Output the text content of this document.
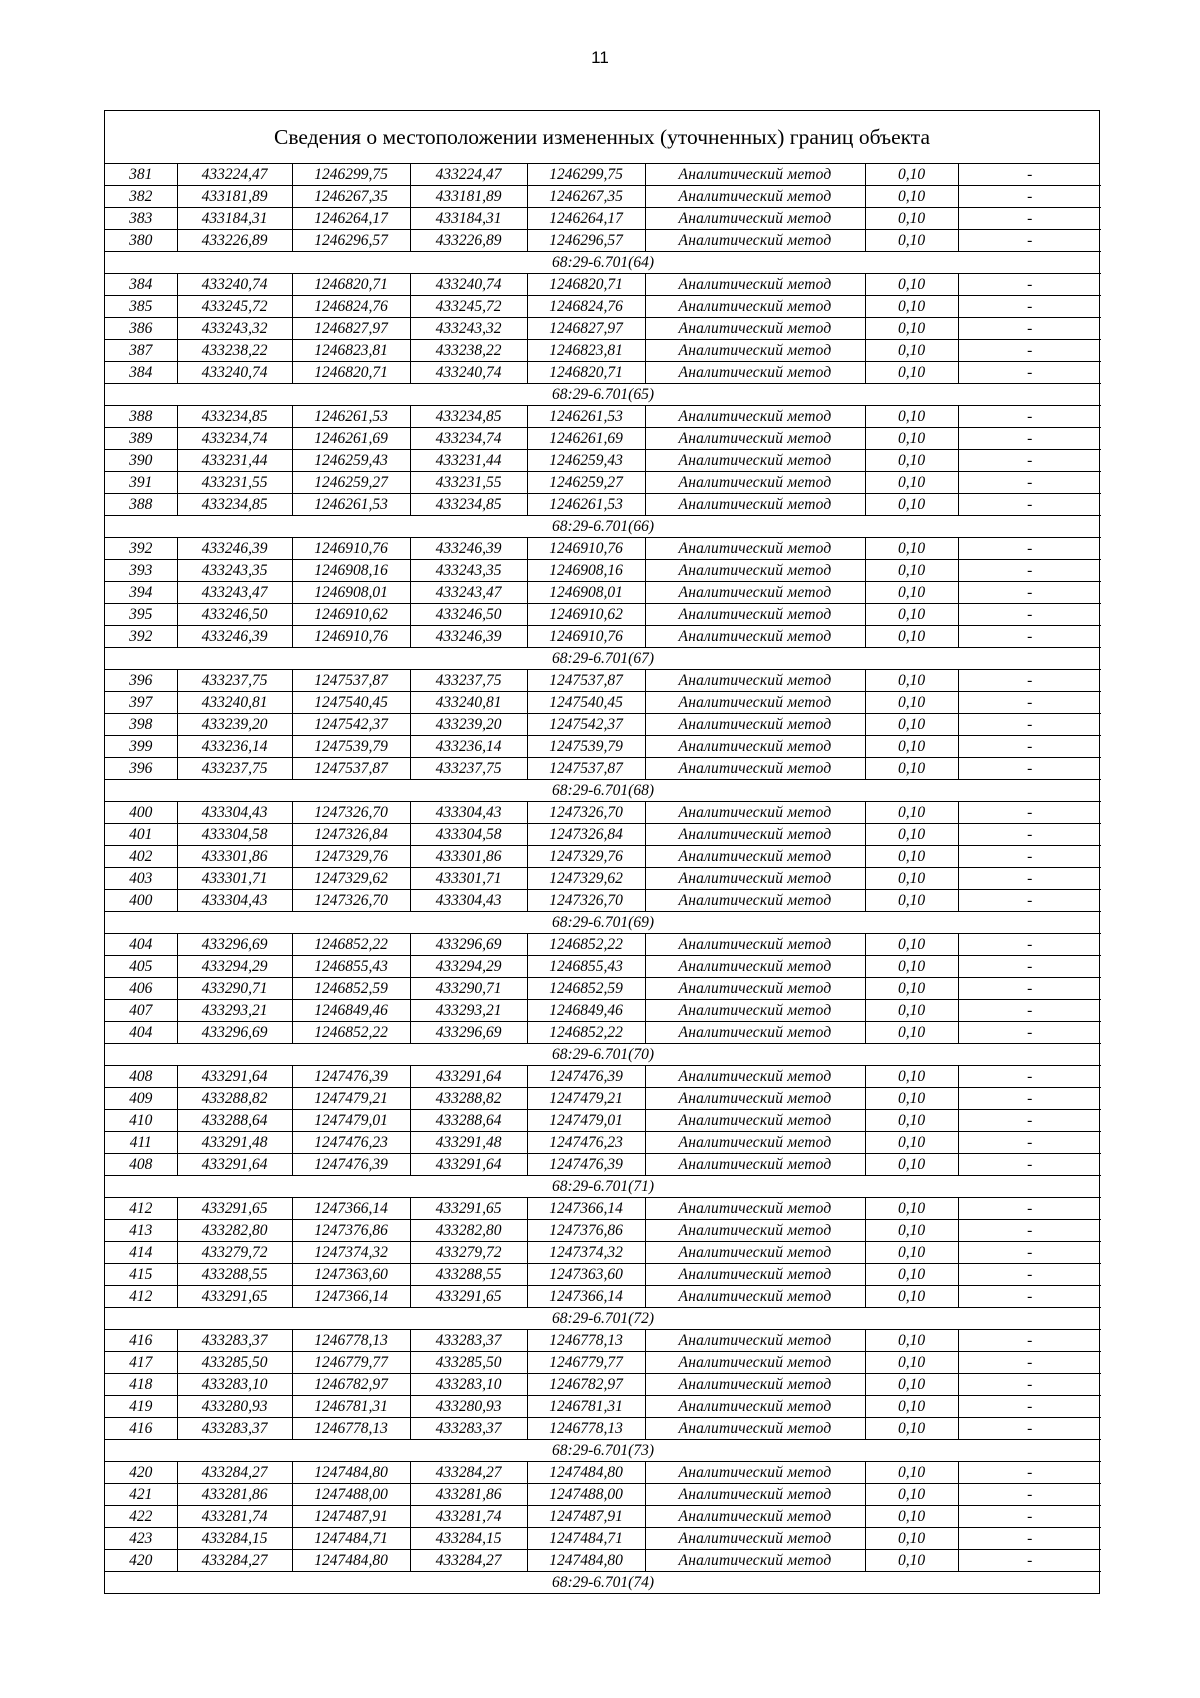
11
Сведения о местоположении измененных (уточненных) границ объекта
381	433224,47	1246299,75	433224,47	1246299,75	Аналитический метод	0,10	-
382	433181,89	1246267,35	433181,89	1246267,35	Аналитический метод	0,10	-
383	433184,31	1246264,17	433184,31	1246264,17	Аналитический метод	0,10	-
380	433226,89	1246296,57	433226,89	1246296,57	Аналитический метод	0,10	-
68:29-6.701(64)							
384	433240,74	1246820,71	433240,74	1246820,71	Аналитический метод	0,10	-
385	433245,72	1246824,76	433245,72	1246824,76	Аналитический метод	0,10	-
386	433243,32	1246827,97	433243,32	1246827,97	Аналитический метод	0,10	-
387	433238,22	1246823,81	433238,22	1246823,81	Аналитический метод	0,10	-
384	433240,74	1246820,71	433240,74	1246820,71	Аналитический метод	0,10	-
68:29-6.701(65)							
388	433234,85	1246261,53	433234,85	1246261,53	Аналитический метод	0,10	-
389	433234,74	1246261,69	433234,74	1246261,69	Аналитический метод	0,10	-
390	433231,44	1246259,43	433231,44	1246259,43	Аналитический метод	0,10	-
391	433231,55	1246259,27	433231,55	1246259,27	Аналитический метод	0,10	-
388	433234,85	1246261,53	433234,85	1246261,53	Аналитический метод	0,10	-
68:29-6.701(66)							
392	433246,39	1246910,76	433246,39	1246910,76	Аналитический метод	0,10	-
393	433243,35	1246908,16	433243,35	1246908,16	Аналитический метод	0,10	-
394	433243,47	1246908,01	433243,47	1246908,01	Аналитический метод	0,10	-
395	433246,50	1246910,62	433246,50	1246910,62	Аналитический метод	0,10	-
392	433246,39	1246910,76	433246,39	1246910,76	Аналитический метод	0,10	-
68:29-6.701(67)							
396	433237,75	1247537,87	433237,75	1247537,87	Аналитический метод	0,10	-
397	433240,81	1247540,45	433240,81	1247540,45	Аналитический метод	0,10	-
398	433239,20	1247542,37	433239,20	1247542,37	Аналитический метод	0,10	-
399	433236,14	1247539,79	433236,14	1247539,79	Аналитический метод	0,10	-
396	433237,75	1247537,87	433237,75	1247537,87	Аналитический метод	0,10	-
68:29-6.701(68)							
400	433304,43	1247326,70	433304,43	1247326,70	Аналитический метод	0,10	-
401	433304,58	1247326,84	433304,58	1247326,84	Аналитический метод	0,10	-
402	433301,86	1247329,76	433301,86	1247329,76	Аналитический метод	0,10	-
403	433301,71	1247329,62	433301,71	1247329,62	Аналитический метод	0,10	-
400	433304,43	1247326,70	433304,43	1247326,70	Аналитический метод	0,10	-
68:29-6.701(69)							
404	433296,69	1246852,22	433296,69	1246852,22	Аналитический метод	0,10	-
405	433294,29	1246855,43	433294,29	1246855,43	Аналитический метод	0,10	-
406	433290,71	1246852,59	433290,71	1246852,59	Аналитический метод	0,10	-
407	433293,21	1246849,46	433293,21	1246849,46	Аналитический метод	0,10	-
404	433296,69	1246852,22	433296,69	1246852,22	Аналитический метод	0,10	-
68:29-6.701(70)							
408	433291,64	1247476,39	433291,64	1247476,39	Аналитический метод	0,10	-
409	433288,82	1247479,21	433288,82	1247479,21	Аналитический метод	0,10	-
410	433288,64	1247479,01	433288,64	1247479,01	Аналитический метод	0,10	-
411	433291,48	1247476,23	433291,48	1247476,23	Аналитический метод	0,10	-
408	433291,64	1247476,39	433291,64	1247476,39	Аналитический метод	0,10	-
68:29-6.701(71)							
412	433291,65	1247366,14	433291,65	1247366,14	Аналитический метод	0,10	-
413	433282,80	1247376,86	433282,80	1247376,86	Аналитический метод	0,10	-
414	433279,72	1247374,32	433279,72	1247374,32	Аналитический метод	0,10	-
415	433288,55	1247363,60	433288,55	1247363,60	Аналитический метод	0,10	-
412	433291,65	1247366,14	433291,65	1247366,14	Аналитический метод	0,10	-
68:29-6.701(72)							
416	433283,37	1246778,13	433283,37	1246778,13	Аналитический метод	0,10	-
417	433285,50	1246779,77	433285,50	1246779,77	Аналитический метод	0,10	-
418	433283,10	1246782,97	433283,10	1246782,97	Аналитический метод	0,10	-
419	433280,93	1246781,31	433280,93	1246781,31	Аналитический метод	0,10	-
416	433283,37	1246778,13	433283,37	1246778,13	Аналитический метод	0,10	-
68:29-6.701(73)							
420	433284,27	1247484,80	433284,27	1247484,80	Аналитический метод	0,10	-
421	433281,86	1247488,00	433281,86	1247488,00	Аналитический метод	0,10	-
422	433281,74	1247487,91	433281,74	1247487,91	Аналитический метод	0,10	-
423	433284,15	1247484,71	433284,15	1247484,71	Аналитический метод	0,10	-
420	433284,27	1247484,80	433284,27	1247484,80	Аналитический метод	0,10	-
68:29-6.701(74)							
